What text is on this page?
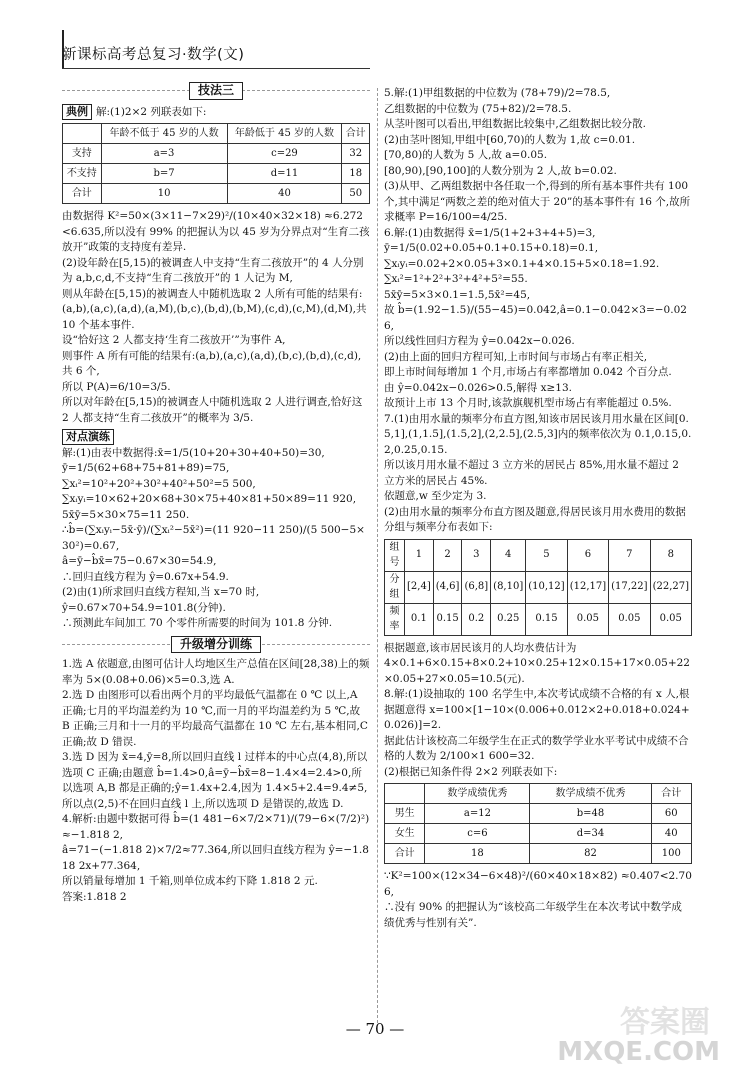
新课标高考总复习·数学(文)
技法三
典例 解:(1)2×2 列联表如下:
	年龄不低于 45 岁的人数	年龄低于 45 岁的人数	合计
支持	a=3	c=29	32
不支持	b=7	d=11	18
合计	10	40	50
由数据得 K²=50×(3×11−7×29)²/(10×40×32×18) ≈6.272<6.635,所以没有 99% 的把握认为以 45 岁为分界点对“生育二孩放开”政策的支持度有差异.
(2)设年龄在[5,15)的被调查人中支持“生育二孩放开”的 4 人分别为 a,b,c,d,不支持“生育二孩放开”的 1 人记为 M,
则从年龄在[5,15)的被调查人中随机选取 2 人所有可能的结果有:(a,b),(a,c),(a,d),(a,M),(b,c),(b,d),(b,M),(c,d),(c,M),(d,M),共 10 个基本事件.
设“恰好这 2 人都支持‘生育二孩放开’”为事件 A,
则事件 A 所有可能的结果有:(a,b),(a,c),(a,d),(b,c),(b,d),(c,d),共 6 个,
所以 P(A)=6/10=3/5.
所以对年龄在[5,15)的被调查人中随机选取 2 人进行调查,恰好这 2 人都支持“生育二孩放开”的概率为 3/5.
对点演练
解:(1)由表中数据得:x̄=1/5(10+20+30+40+50)=30,
ȳ=1/5(62+68+75+81+89)=75,
∑xᵢ²=10²+20²+30²+40²+50²=5 500,
∑xᵢyᵢ=10×62+20×68+30×75+40×81+50×89=11 920,
5x̄ȳ=5×30×75=11 250.
∴b̂=(∑xᵢyᵢ−5x̄·ȳ)/(∑xᵢ²−5x̄²)=(11 920−11 250)/(5 500−5×30²)=0.67,
â=ȳ−b̂x̄=75−0.67×30=54.9,
∴回归直线方程为 ŷ=0.67x+54.9.
(2)由(1)所求回归直线方程知,当 x=70 时,
ŷ=0.67×70+54.9=101.8(分钟).
∴预测此车间加工 70 个零件所需要的时间为 101.8 分钟.
升级增分训练
1.选 A 依题意,由图可估计人均地区生产总值在区间[28,38)上的频率为 5×(0.08+0.06)×5=0.3,选 A.
2.选 D 由图形可以看出两个月的平均最低气温都在 0 ℃ 以上,A 正确;七月的平均温差约为 10 ℃,而一月的平均温差约为 5 ℃,故 B 正确;三月和十一月的平均最高气温都在 10 ℃ 左右,基本相同,C 正确;故 D 错误.
3.选 D 因为 x̄=4,ȳ=8,所以回归直线 l 过样本的中心点(4,8),所以选项 C 正确;由题意 b̂=1.4>0,â=ȳ−b̂x̄=8−1.4×4=2.4>0,所以选项 A,B 都是正确的;ŷ=1.4x+2.4,因为 1.4×5+2.4=9.4≠5,所以点(2,5)不在回归直线 l 上,所以选项 D 是错误的,故选 D.
4.解析:由题中数据可得 b̂=(1 481−6×7/2×71)/(79−6×(7/2)²)≈−1.818 2,
â=71−(−1.818 2)×7/2≈77.364,所以回归直线方程为 ŷ=−1.818 2x+77.364,
所以销量每增加 1 千箱,则单位成本约下降 1.818 2 元.
答案:1.818 2
5.解:(1)甲组数据的中位数为 (78+79)/2=78.5,
乙组数据的中位数为 (75+82)/2=78.5.
从茎叶图可以看出,甲组数据比较集中,乙组数据比较分散.
(2)由茎叶图知,甲组中[60,70)的人数为 1,故 c=0.01.
[70,80)的人数为 5 人,故 a=0.05.
[80,90),[90,100]的人数分别为 2 人,故 b=0.02.
(3)从甲、乙两组数据中各任取一个,得到的所有基本事件共有 100 个,其中满足“两数之差的绝对值大于 20”的基本事件有 16 个,故所求概率 P=16/100=4/25.
6.解:(1)由数据得 x̄=1/5(1+2+3+4+5)=3,
ȳ=1/5(0.02+0.05+0.1+0.15+0.18)=0.1,
∑xᵢyᵢ=0.02+2×0.05+3×0.1+4×0.15+5×0.18=1.92.
∑xᵢ²=1²+2²+3²+4²+5²=55.
5x̄ȳ=5×3×0.1=1.5,5x̄²=45,
故 b̂=(1.92−1.5)/(55−45)=0.042,â=0.1−0.042×3=−0.026,
所以线性回归方程为 ŷ=0.042x−0.026.
(2)由上面的回归方程可知,上市时间与市场占有率正相关,
即上市时间每增加 1 个月,市场占有率都增加 0.042 个百分点.
由 ŷ=0.042x−0.026>0.5,解得 x≥13.
故预计上市 13 个月时,该款旗舰机型市场占有率能超过 0.5%.
7.(1)由用水量的频率分布直方图,知该市居民该月用水量在区间[0.5,1],(1,1.5],(1.5,2],(2,2.5],(2.5,3]内的频率依次为 0.1,0.15,0.2,0.25,0.15.
所以该月用水量不超过 3 立方米的居民占 85%,用水量不超过 2 立方米的居民占 45%.
依题意,w 至少定为 3.
(2)由用水量的频率分布直方图及题意,得居民该月用水费用的数据分组与频率分布表如下:
组号	1	2	3	4	5	6	7	8
分组	[2,4]	(4,6]	(6,8]	(8,10]	(10,12]	(12,17]	(17,22]	(22,27]
频率	0.1	0.15	0.2	0.25	0.15	0.05	0.05	0.05
根据题意,该市居民该月的人均水费估计为
4×0.1+6×0.15+8×0.2+10×0.25+12×0.15+17×0.05+22×0.05+27×0.05=10.5(元).
8.解:(1)设抽取的 100 名学生中,本次考试成绩不合格的有 x 人,根据题意得 x=100×[1−10×(0.006+0.012×2+0.018+0.024+0.026)]=2.
据此估计该校高二年级学生在正式的数学学业水平考试中成绩不合格的人数为 2/100×1 600=32.
(2)根据已知条件得 2×2 列联表如下:
	数学成绩优秀	数学成绩不优秀	合计
男生	a=12	b=48	60
女生	c=6	d=34	40
合计	18	82	100
∵K²=100×(12×34−6×48)²/(60×40×18×82) ≈0.407<2.706,
∴没有 90% 的把握认为“该校高二年级学生在本次考试中数学成绩优秀与性别有关”.
— 70 —	答案圈
MXQE.COM
